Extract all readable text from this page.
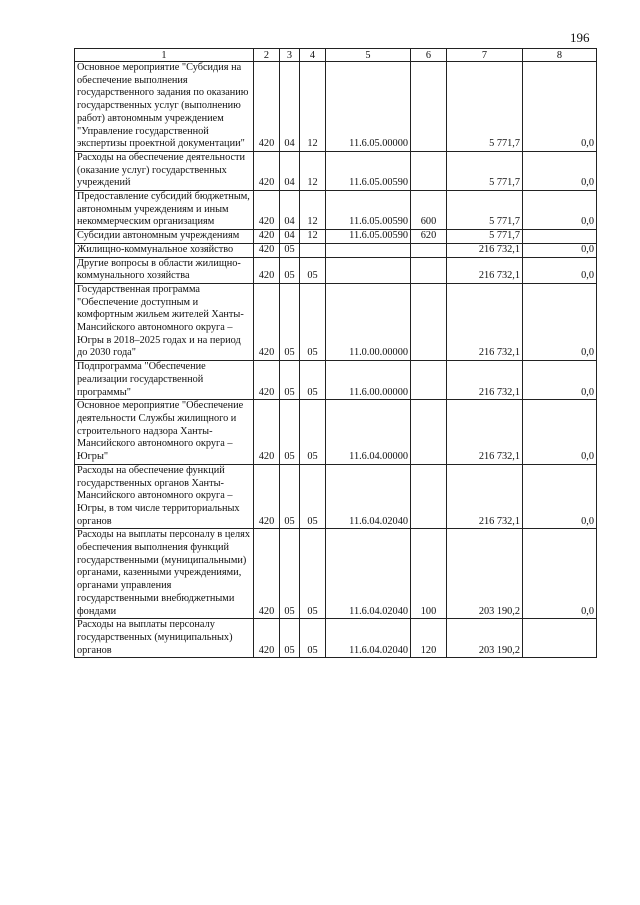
196
1	2	3	4	5	6	7	8
Основное мероприятие "Субсидия на обеспечение выполнения государственного задания по оказанию государственных услуг (выполнению работ) автономным учреждением "Управление государственной экспертизы проектной документации"	420	04	12	11.6.05.00000		5 771,7	0,0
Расходы на обеспечение деятельности (оказание услуг) государственных учреждений	420	04	12	11.6.05.00590		5 771,7	0,0
Предоставление субсидий бюджетным, автономным учреждениям и иным некоммерческим организациям	420	04	12	11.6.05.00590	600	5 771,7	0,0
Субсидии автономным учреждениям	420	04	12	11.6.05.00590	620	5 771,7	
Жилищно-коммунальное хозяйство	420	05				216 732,1	0,0
Другие вопросы в области жилищно-коммунального хозяйства	420	05	05			216 732,1	0,0
Государственная программа "Обеспечение доступным и комфортным жильем жителей Ханты-Мансийского автономного округа – Югры в 2018–2025 годах и на период до 2030 года"	420	05	05	11.0.00.00000		216 732,1	0,0
Подпрограмма "Обеспечение реализации государственной программы"	420	05	05	11.6.00.00000		216 732,1	0,0
Основное мероприятие "Обеспечение деятельности Службы жилищного и строительного надзора Ханты-Мансийского автономного округа – Югры"	420	05	05	11.6.04.00000		216 732,1	0,0
Расходы на обеспечение функций государственных органов Ханты-Мансийского автономного округа – Югры, в том числе территориальных органов	420	05	05	11.6.04.02040		216 732,1	0,0
Расходы на выплаты персоналу в целях обеспечения выполнения функций государственными (муниципальными) органами, казенными учреждениями, органами управления государственными внебюджетными фондами	420	05	05	11.6.04.02040	100	203 190,2	0,0
Расходы на выплаты персоналу государственных (муниципальных) органов	420	05	05	11.6.04.02040	120	203 190,2	
